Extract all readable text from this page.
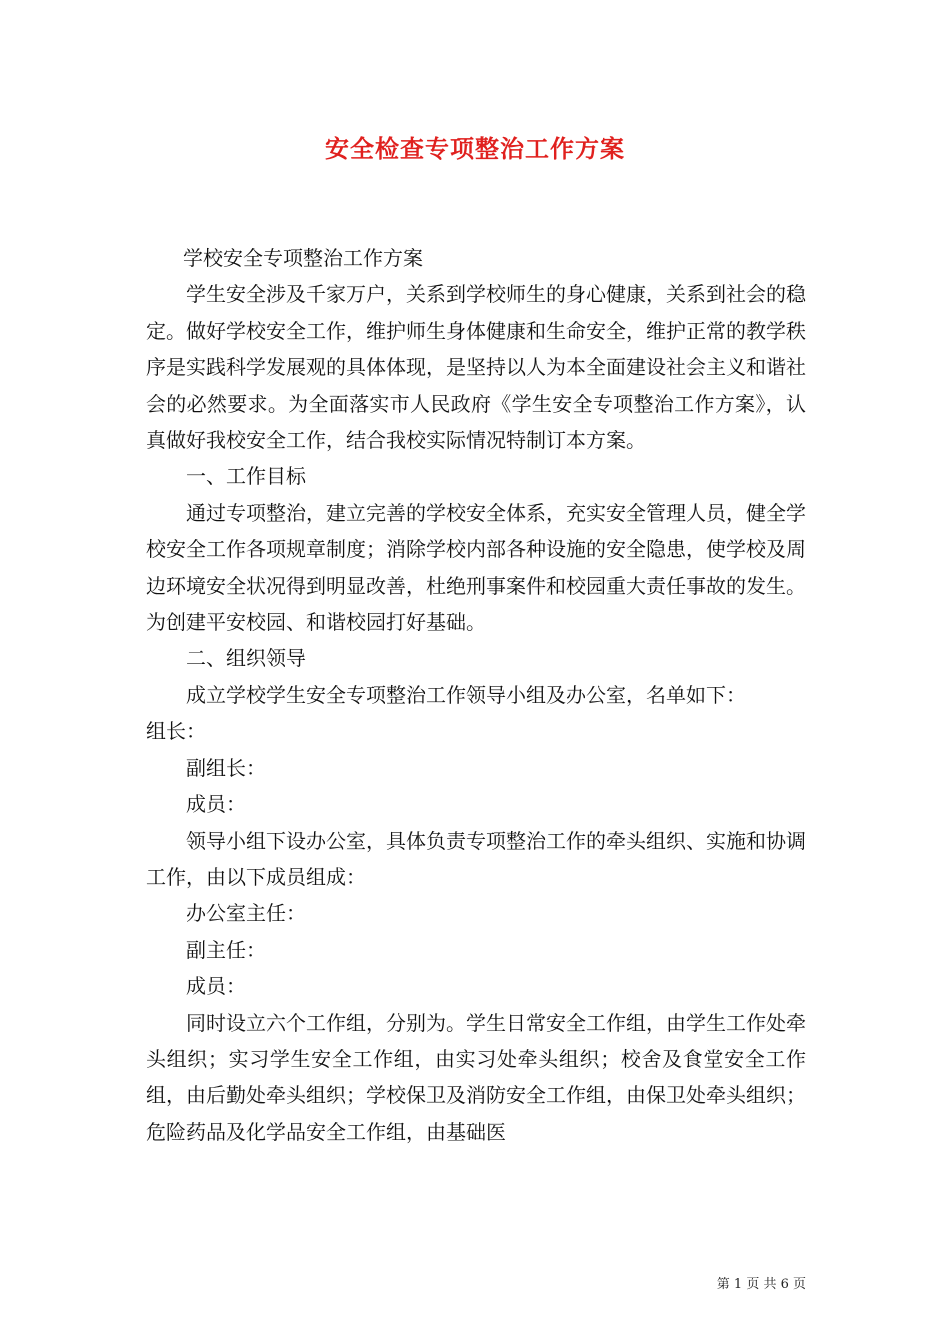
安全检查专项整治工作方案

学校安全专项整治工作方案

学生安全涉及千家万户，关系到学校师生的身心健康，关系到社会的稳定。做好学校安全工作，维护师生身体健康和生命安全，维护正常的教学秩序是实践科学发展观的具体体现，是坚持以人为本全面建设社会主义和谐社会的必然要求。为全面落实市人民政府《学生安全专项整治工作方案》，认真做好我校安全工作，结合我校实际情况特制订本方案。

一、工作目标

通过专项整治，建立完善的学校安全体系，充实安全管理人员，健全学校安全工作各项规章制度；消除学校内部各种设施的安全隐患，使学校及周边环境安全状况得到明显改善，杜绝刑事案件和校园重大责任事故的发生。为创建平安校园、和谐校园打好基础。

二、组织领导

成立学校学生安全专项整治工作领导小组及办公室，名单如下：

组长：

副组长：

成员：

领导小组下设办公室，具体负责专项整治工作的牵头组织、实施和协调工作，由以下成员组成：

办公室主任：

副主任：

成员：

同时设立六个工作组，分别为。学生日常安全工作组，由学生工作处牵头组织；实习学生安全工作组，由实习处牵头组织；校舍及食堂安全工作组，由后勤处牵头组织；学校保卫及消防安全工作组，由保卫处牵头组织；危险药品及化学品安全工作组，由基础医

第 1 页 共 6 页
